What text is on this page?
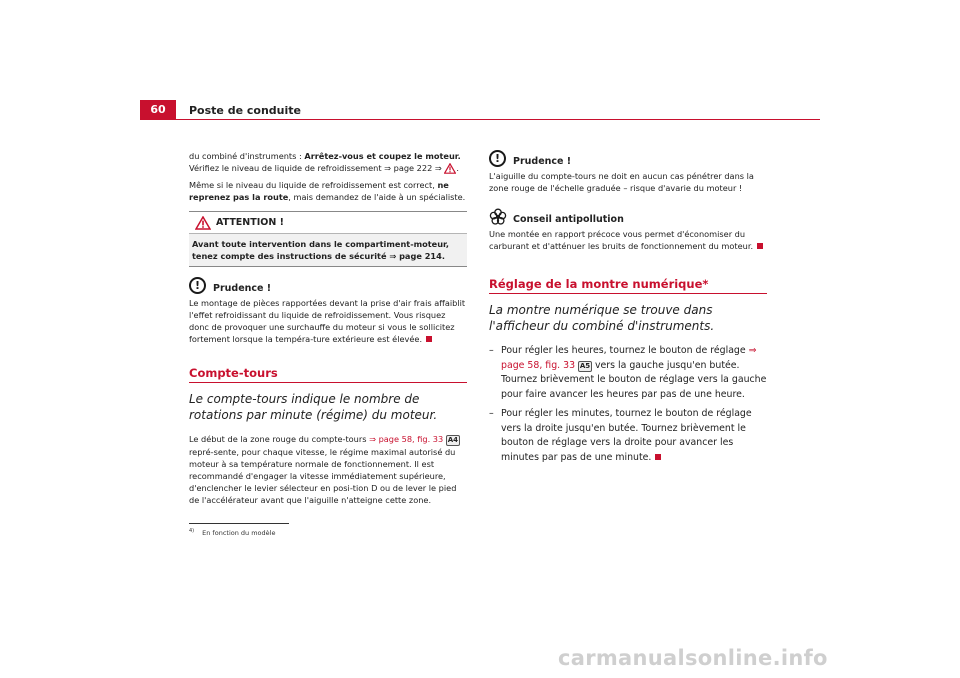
60	Poste de conduite

du combiné d'instruments : Arrêtez-vous et coupez le moteur. Vérifiez le niveau de liquide de refroidissement ⇒ page 222 ⇒ .

Même si le niveau du liquide de refroidissement est correct, ne reprenez pas la route, mais demandez de l'aide à un spécialiste.

ATTENTION !
Avant toute intervention dans le compartiment-moteur, tenez compte des instructions de sécurité ⇒ page 214.
!	Prudence !

Le montage de pièces rapportées devant la prise d'air frais affaiblit l'effet refroidissant du liquide de refroidissement. Vous risquez donc de provoquer une surchauffe du moteur si vous le sollicitez fortement lorsque la tempéra-ture extérieure est élevée.

Compte-tours
Le compte-tours indique le nombre de rotations par minute (régime) du moteur.

Le début de la zone rouge du compte-tours ⇒ page 58, fig. 33 A4 repré-sente, pour chaque vitesse, le régime maximal autorisé du moteur à sa température normale de fonctionnement. Il est recommandé d'engager la vitesse immédiatement supérieure, d'enclencher le levier sélecteur en posi-tion D ou de lever le pied de l'accélérateur avant que l'aiguille n'atteigne cette zone.

!	Prudence !

L'aiguille du compte-tours ne doit en aucun cas pénétrer dans la zone rouge de l'échelle graduée – risque d'avarie du moteur !

Conseil antipollution

Une montée en rapport précoce vous permet d'économiser du carburant et d'atténuer les bruits de fonctionnement du moteur.

Réglage de la montre numérique*
La montre numérique se trouve dans l'afficheur du combiné d'instruments.
– Pour régler les heures, tournez le bouton de réglage ⇒ page 58, fig. 33 A5 vers la gauche jusqu'en butée. Tournez brièvement le bouton de réglage vers la gauche pour faire avancer les heures par pas de une heure.
– Pour régler les minutes, tournez le bouton de réglage vers la droite jusqu'en butée. Tournez brièvement le bouton de réglage vers la droite pour avancer les minutes par pas de une minute.
$^{4)}$ En fonction du modèle
carmanualsonline.info
